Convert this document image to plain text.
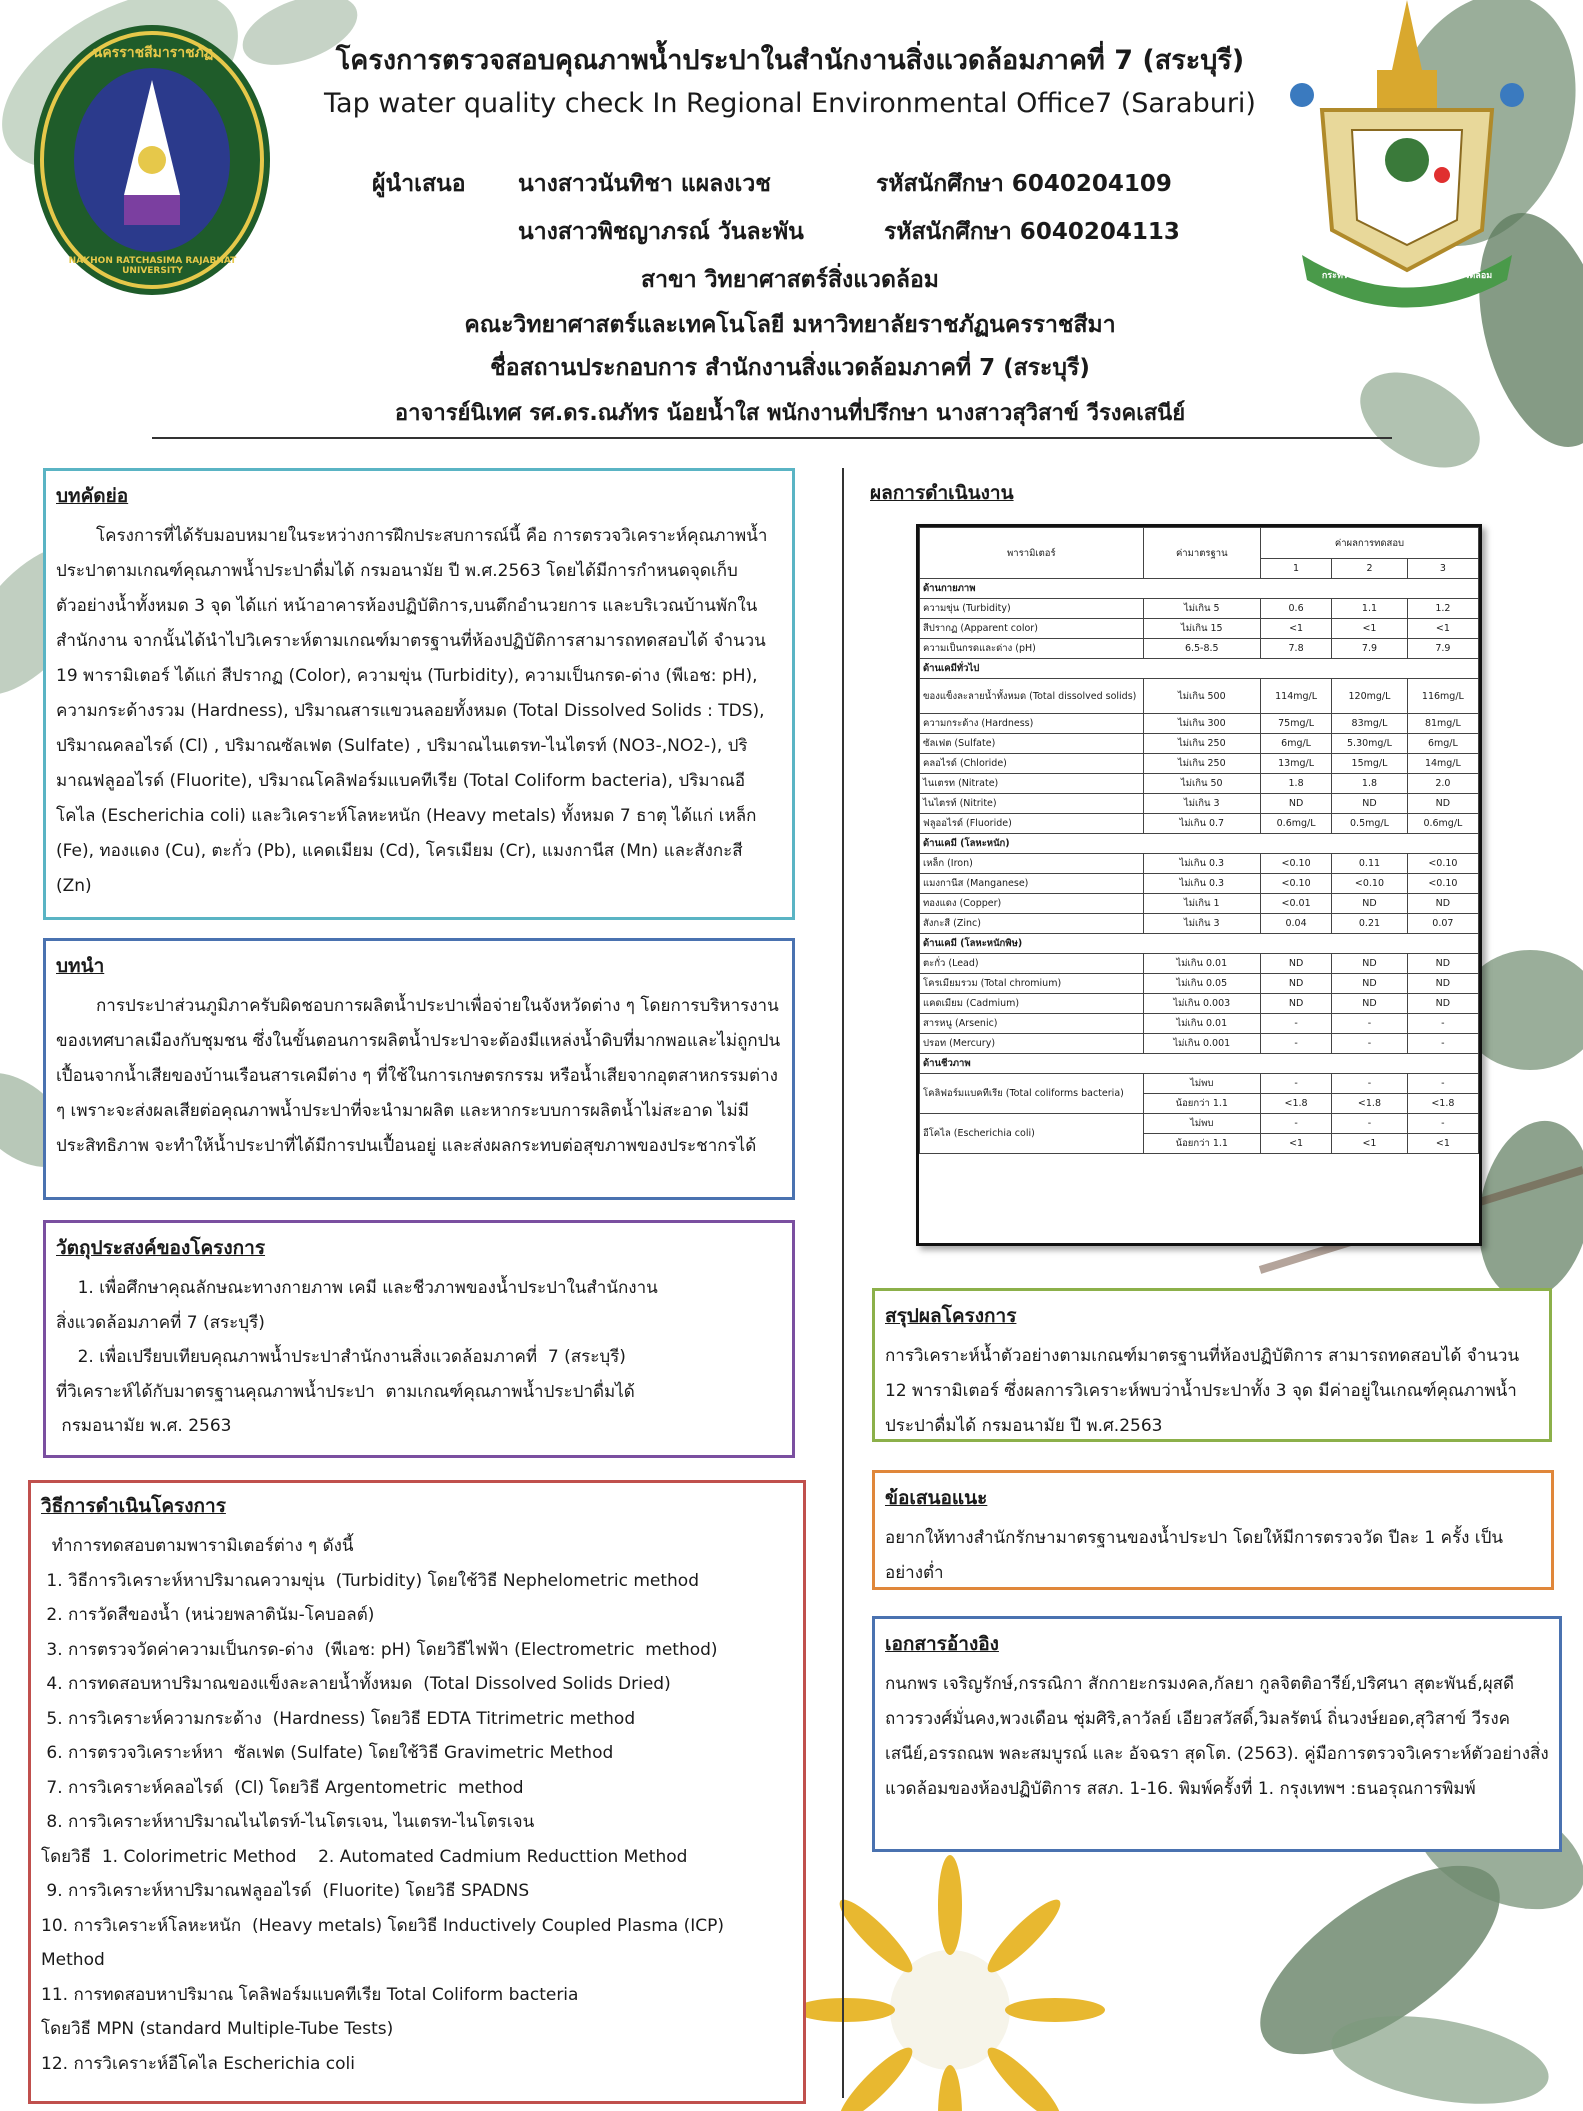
นครราชสีมาราชภัฏ
NAKHON RATCHASIMA RAJABHAT UNIVERSITY	กระทรวงทรัพยากรธรรมชาติและสิ่งแวดล้อม
โครงการตรวจสอบคุณภาพน้ำประปาในสำนักงานสิ่งแวดล้อมภาคที่ 7 (สระบุรี)
Tap water quality check In Regional Environmental Office7 (Saraburi)
ผู้นำเสนอ นางสาวนันทิชา แผลงเวช	รหัสนักศึกษา 6040204109
นางสาวพิชญาภรณ์ วันละพัน	รหัสนักศึกษา 6040204113
สาขา วิทยาศาสตร์สิ่งแวดล้อม
คณะวิทยาศาสตร์และเทคโนโลยี มหาวิทยาลัยราชภัฏนครราชสีมา
ชื่อสถานประกอบการ สำนักงานสิ่งแวดล้อมภาคที่ 7 (สระบุรี)
อาจารย์นิเทศ รศ.ดร.ณภัทร น้อยน้ำใส พนักงานที่ปรึกษา นางสาวสุวิสาข์ วีรงคเสนีย์
บทคัดย่อ

โครงการที่ได้รับมอบหมายในระหว่างการฝึกประสบการณ์นี้ คือ การตรวจวิเคราะห์คุณภาพน้ำประปาตามเกณฑ์คุณภาพน้ำประปาดื่มได้ กรมอนามัย ปี พ.ศ.2563 โดยได้มีการกำหนดจุดเก็บตัวอย่างน้ำทั้งหมด 3 จุด ได้แก่ หน้าอาคารห้องปฏิบัติการ,บนตึกอำนวยการ และบริเวณบ้านพักในสำนักงาน จากนั้นได้นำไปวิเคราะห์ตามเกณฑ์มาตรฐานที่ห้องปฏิบัติการสามารถทดสอบได้ จำนวน 19 พารามิเตอร์ ได้แก่ สีปรากฏ (Color), ความขุ่น (Turbidity), ความเป็นกรด-ด่าง (พีเอช: pH), ความกระด้างรวม (Hardness), ปริมาณสารแขวนลอยทั้งหมด (Total Dissolved Solids : TDS), ปริมาณคลอไรด์ (Cl) , ปริมาณซัลเฟต (Sulfate) , ปริมาณไนเตรท-ไนไตรท์ (NO3-,NO2-), ปริมาณฟลูออไรด์ (Fluorite), ปริมาณโคลิฟอร์มแบคทีเรีย (Total Coliform bacteria), ปริมาณอีโคไล (Escherichia coli) และวิเคราะห์โลหะหนัก (Heavy metals) ทั้งหมด 7 ธาตุ ได้แก่ เหล็ก (Fe), ทองแดง (Cu), ตะกั่ว (Pb), แคดเมียม (Cd), โครเมียม (Cr), แมงกานีส (Mn) และสังกะสี (Zn)

บทนำ

การประปาส่วนภูมิภาครับผิดชอบการผลิตน้ำประปาเพื่อจ่ายในจังหวัดต่าง ๆ โดยการบริหารงานของเทศบาลเมืองกับชุมชน ซึ่งในขั้นตอนการผลิตน้ำประปาจะต้องมีแหล่งน้ำดิบที่มากพอและไม่ถูกปนเปื้อนจากน้ำเสียของบ้านเรือนสารเคมีต่าง ๆ ที่ใช้ในการเกษตรกรรม หรือน้ำเสียจากอุตสาหกรรมต่าง ๆ เพราะจะส่งผลเสียต่อคุณภาพน้ำประปาที่จะนำมาผลิต และหากระบบการผลิตน้ำไม่สะอาด ไม่มีประสิทธิภาพ จะทำให้น้ำประปาที่ได้มีการปนเปื้อนอยู่ และส่งผลกระทบต่อสุขภาพของประชากรได้

วัตถุประสงค์ของโครงการ
1. เพื่อศึกษาคุณลักษณะทางกายภาพ เคมี และชีวภาพของน้ำประปาในสำนักงาน
สิ่งแวดล้อมภาคที่ 7 (สระบุรี)
2. เพื่อเปรียบเทียบคุณภาพน้ำประปาสำนักงานสิ่งแวดล้อมภาคที่  7 (สระบุรี)
ที่วิเคราะห์ได้กับมาตรฐานคุณภาพน้ำประปา  ตามเกณฑ์คุณภาพน้ำประปาดื่มได้
กรมอนามัย พ.ศ. 2563
วิธีการดำเนินโครงการ
ทำการทดสอบตามพารามิเตอร์ต่าง ๆ ดังนี้
1. วิธีการวิเคราะห์หาปริมาณความขุ่น  (Turbidity) โดยใช้วิธี Nephelometric method
2. การวัดสีของน้ำ (หน่วยพลาตินัม-โคบอลต์)
3. การตรวจวัดค่าความเป็นกรด-ด่าง  (พีเอช: pH) โดยวิธีไฟฟ้า (Electrometric  method)
4. การทดสอบหาปริมาณของแข็งละลายน้ำทั้งหมด  (Total Dissolved Solids Dried)
5. การวิเคราะห์ความกระด้าง  (Hardness) โดยวิธี EDTA Titrimetric method
6. การตรวจวิเคราะห์หา  ซัลเฟต (Sulfate) โดยใช้วิธี Gravimetric Method
7. การวิเคราะห์คลอไรด์  (Cl) โดยวิธี Argentometric  method
8. การวิเคราะห์หาปริมาณไนไตรท์-ไนโตรเจน, ไนเตรท-ไนโตรเจน
โดยวิธี  1. Colorimetric Method    2. Automated Cadmium Reducttion Method
9. การวิเคราะห์หาปริมาณฟลูออไรด์  (Fluorite) โดยวิธี SPADNS
10. การวิเคราะห์โลหะหนัก  (Heavy metals) โดยวิธี Inductively Coupled Plasma (ICP)
Method
11. การทดสอบหาปริมาณ โคลิฟอร์มแบคทีเรีย Total Coliform bacteria
โดยวิธี MPN (standard Multiple-Tube Tests)
12. การวิเคราะห์อีโคไล Escherichia coli
ผลการดำเนินงาน
พารามิเตอร์	ค่ามาตรฐาน	ค่าผลการทดสอบ		
		1	2	3
ด้านกายภาพ				
ความขุ่น (Turbidity)	ไม่เกิน 5	0.6	1.1	1.2
สีปรากฏ (Apparent color)	ไม่เกิน 15	<1	<1	<1
ความเป็นกรดและด่าง (pH)	6.5-8.5	7.8	7.9	7.9
ด้านเคมีทั่วไป				
ของแข็งละลายน้ำทั้งหมด (Total dissolved solids)	ไม่เกิน 500	114mg/L	120mg/L	116mg/L
ความกระด้าง (Hardness)	ไม่เกิน 300	75mg/L	83mg/L	81mg/L
ซัลเฟต (Sulfate)	ไม่เกิน 250	6mg/L	5.30mg/L	6mg/L
คลอไรด์ (Chloride)	ไม่เกิน 250	13mg/L	15mg/L	14mg/L
ไนเตรท (Nitrate)	ไม่เกิน 50	1.8	1.8	2.0
ไนไตรท์ (Nitrite)	ไม่เกิน 3	ND	ND	ND
ฟลูออไรด์ (Fluoride)	ไม่เกิน 0.7	0.6mg/L	0.5mg/L	0.6mg/L
ด้านเคมี (โลหะหนัก)				
เหล็ก (Iron)	ไม่เกิน 0.3	<0.10	0.11	<0.10
แมงกานีส (Manganese)	ไม่เกิน 0.3	<0.10	<0.10	<0.10
ทองแดง (Copper)	ไม่เกิน 1	<0.01	ND	ND
สังกะสี (Zinc)	ไม่เกิน 3	0.04	0.21	0.07
ด้านเคมี (โลหะหนักพิษ)				
ตะกั่ว (Lead)	ไม่เกิน 0.01	ND	ND	ND
โครเมียมรวม (Total chromium)	ไม่เกิน 0.05	ND	ND	ND
แคดเมียม (Cadmium)	ไม่เกิน 0.003	ND	ND	ND
สารหนู (Arsenic)	ไม่เกิน 0.01	-	-	-
ปรอท (Mercury)	ไม่เกิน 0.001	-	-	-
ด้านชีวภาพ				
โคลิฟอร์มแบคทีเรีย (Total coliforms bacteria)	ไม่พบ	-	-	-
	น้อยกว่า 1.1	<1.8	<1.8	<1.8
อีโคไล (Escherichia coli)	ไม่พบ	-	-	-
	น้อยกว่า 1.1	<1	<1	<1
สรุปผลโครงการ

การวิเคราะห์น้ำตัวอย่างตามเกณฑ์มาตรฐานที่ห้องปฏิบัติการ สามารถทดสอบได้ จำนวน 12 พารามิเตอร์ ซึ่งผลการวิเคราะห์พบว่าน้ำประปาทั้ง 3 จุด มีค่าอยู่ในเกณฑ์คุณภาพน้ำประปาดื่มได้ กรมอนามัย ปี พ.ศ.2563

ข้อเสนอแนะ

อยากให้ทางสำนักรักษามาตรฐานของน้ำประปา โดยให้มีการตรวจวัด ปีละ 1 ครั้ง เป็นอย่างต่ำ

เอกสารอ้างอิง

กนกพร เจริญรักษ์,กรรณิกา สักกายะกรมงคล,กัลยา กูลจิตติอารีย์,ปริศนา สุตะพันธ์,ผุสดี ถาวรวงศ์มั่นคง,พวงเดือน ชุ่มศิริ,ลาวัลย์ เอียวสวัสดิ์,วิมลรัตน์ ถิ่นวงษ์ยอด,สุวิสาข์ วีรงคเสนีย์,อรรถณพ พละสมบูรณ์ และ อัจฉรา สุดโต. (2563). คู่มือการตรวจวิเคราะห์ตัวอย่างสิ่งแวดล้อมของห้องปฏิบัติการ สสภ. 1-16. พิมพ์ครั้งที่ 1. กรุงเทพฯ :ธนอรุณการพิมพ์
